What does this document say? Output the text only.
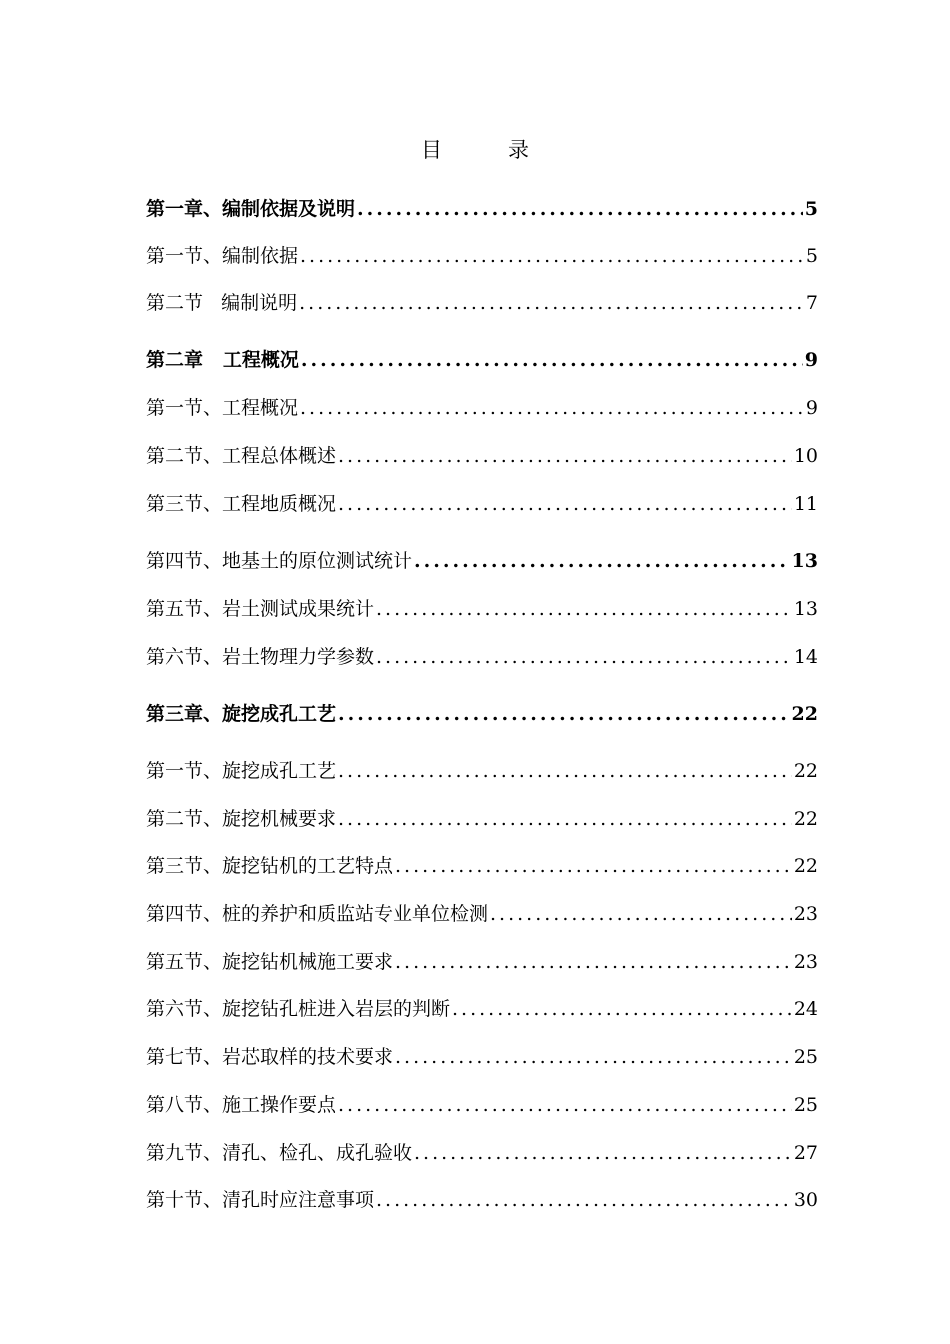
目	录
第一章、编制依据及说明 .....	5
第一节、编制依据 .....	5
第二节   编制说明 .....	7
第二章   工程概况 .....	9
第一节、工程概况 .....	9
第二节、工程总体概述 .....	10
第三节、工程地质概况 .....	11
第四节、地基土的原位测试统计 .....	13
第五节、岩土测试成果统计 .....	13
第六节、岩土物理力学参数 .....	14
第三章、旋挖成孔工艺 .....	22
第一节、旋挖成孔工艺 .....	22
第二节、旋挖机械要求 .....	22
第三节、旋挖钻机的工艺特点 .....	22
第四节、桩的养护和质监站专业单位检测 .....	23
第五节、旋挖钻机械施工要求 .....	23
第六节、旋挖钻孔桩进入岩层的判断 .....	24
第七节、岩芯取样的技术要求 .....	25
第八节、施工操作要点 .....	25
第九节、清孔、检孔、成孔验收 .....	27
第十节、清孔时应注意事项 .....	30
